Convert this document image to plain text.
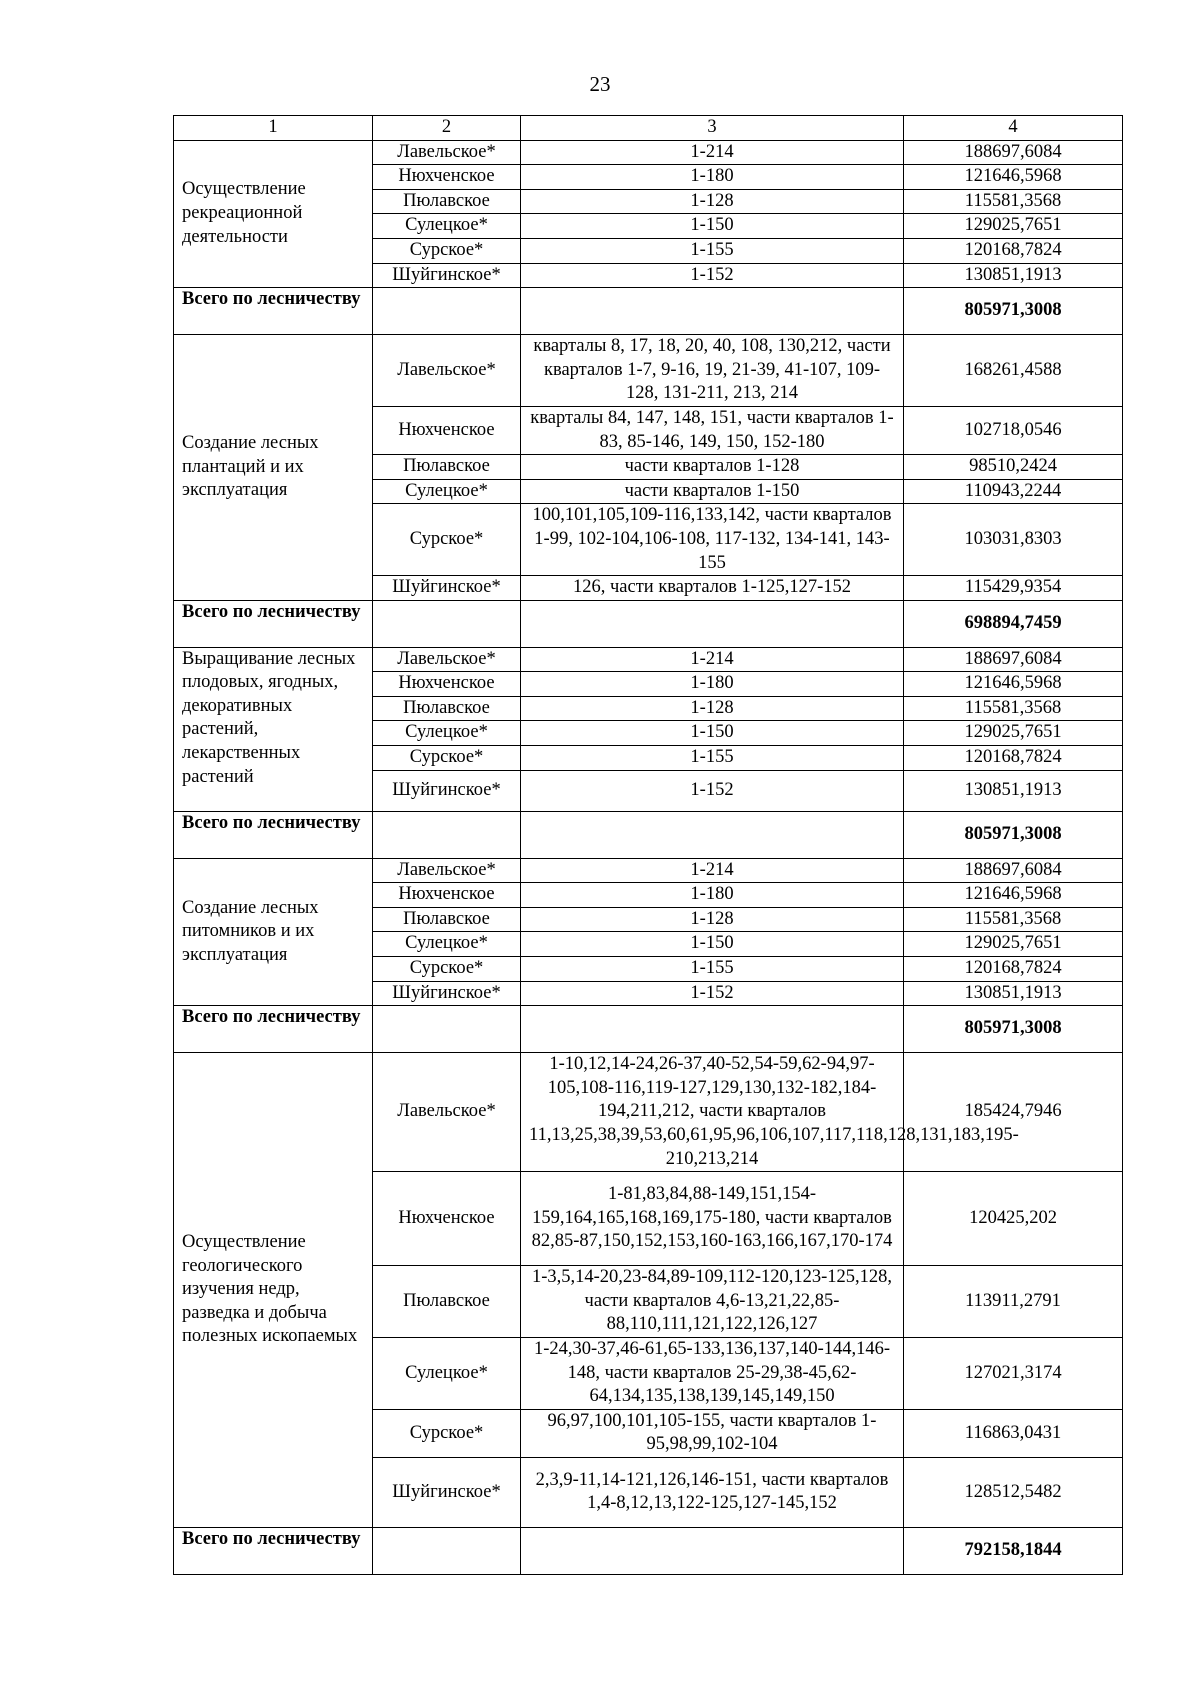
23
1	2	3	4
Осуществление рекреационной деятельности	Лавельское*	1-214	188697,6084
	Нюхченское	1-180	121646,5968
	Пюлавское	1-128	115581,3568
	Сулецкое*	1-150	129025,7651
	Сурское*	1-155	120168,7824
	Шуйгинское*	1-152	130851,1913
Всего по лесничеству			805971,3008
Создание лесных плантаций и их эксплуатация	Лавельское*	кварталы 8, 17, 18, 20, 40, 108, 130,212, части кварталов 1-7, 9-16, 19, 21-39, 41-107, 109-128, 131-211, 213, 214	168261,4588
	Нюхченское	кварталы 84, 147, 148, 151, части кварталов 1-83, 85-146, 149, 150, 152-180	102718,0546
	Пюлавское	части кварталов 1-128	98510,2424
	Сулецкое*	части кварталов 1-150	110943,2244
	Сурское*	100,101,105,109-116,133,142, части кварталов 1-99, 102-104,106-108, 117-132, 134-141, 143-155	103031,8303
	Шуйгинское*	126, части кварталов 1-125,127-152	115429,9354
Всего по лесничеству			698894,7459
Выращивание лесных плодовых, ягодных, декоративных растений, лекарственных растений	Лавельское*	1-214	188697,6084
	Нюхченское	1-180	121646,5968
	Пюлавское	1-128	115581,3568
	Сулецкое*	1-150	129025,7651
	Сурское*	1-155	120168,7824
	Шуйгинское*	1-152	130851,1913
Всего по лесничеству			805971,3008
Создание лесных питомников и их эксплуатация	Лавельское*	1-214	188697,6084
	Нюхченское	1-180	121646,5968
	Пюлавское	1-128	115581,3568
	Сулецкое*	1-150	129025,7651
	Сурское*	1-155	120168,7824
	Шуйгинское*	1-152	130851,1913
Всего по лесничеству			805971,3008
Осуществление геологического изучения недр, разведка и добыча полезных ископаемых	Лавельское*	1-10,12,14-24,26-37,40-52,54-59,62-94,97-105,108-116,119-127,129,130,132-182,184-194,211,212, части кварталов 11,13,25,38,39,53,60,61,95,96,106,107,117,118,128,131,183,195-210,213,214	185424,7946
	Нюхченское	1-81,83,84,88-149,151,154-159,164,165,168,169,175-180, части кварталов 82,85-87,150,152,153,160-163,166,167,170-174	120425,202
	Пюлавское	1-3,5,14-20,23-84,89-109,112-120,123-125,128, части кварталов 4,6-13,21,22,85-88,110,111,121,122,126,127	113911,2791
	Сулецкое*	1-24,30-37,46-61,65-133,136,137,140-144,146-148, части кварталов 25-29,38-45,62-64,134,135,138,139,145,149,150	127021,3174
	Сурское*	96,97,100,101,105-155, части кварталов 1-95,98,99,102-104	116863,0431
	Шуйгинское*	2,3,9-11,14-121,126,146-151, части кварталов 1,4-8,12,13,122-125,127-145,152	128512,5482
Всего по лесничеству			792158,1844
